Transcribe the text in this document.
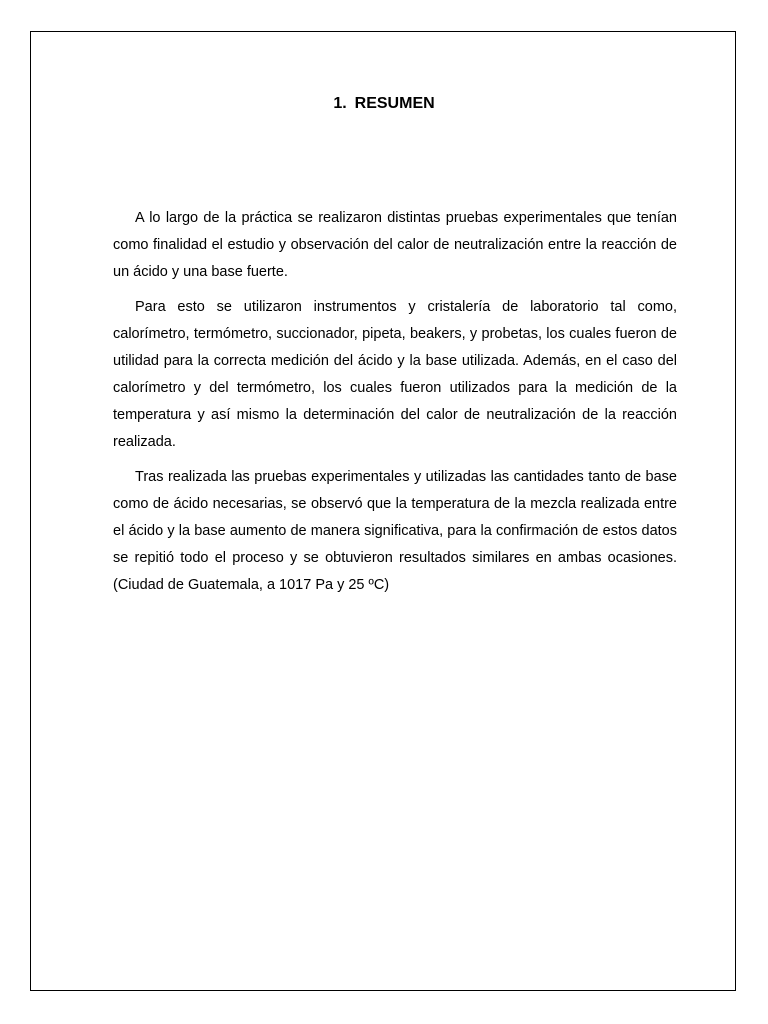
1. RESUMEN

A lo largo de la práctica se realizaron distintas pruebas experimentales que tenían como finalidad el estudio y observación del calor de neutralización entre la reacción de un ácido y una base fuerte.

Para esto se utilizaron instrumentos y cristalería de laboratorio tal como, calorímetro, termómetro, succionador, pipeta, beakers, y probetas, los cuales fueron de utilidad para la correcta medición del ácido y la base utilizada. Además, en el caso del calorímetro y del termómetro, los cuales fueron utilizados para la medición de la temperatura y así mismo la determinación del calor de neutralización de la reacción realizada.

Tras realizada las pruebas experimentales y utilizadas las cantidades tanto de base como de ácido necesarias, se observó que la temperatura de la mezcla realizada entre el ácido y la base aumento de manera significativa, para la confirmación de estos datos se repitió todo el proceso y se obtuvieron resultados similares en ambas ocasiones. (Ciudad de Guatemala, a 1017 Pa y 25 ºC)
